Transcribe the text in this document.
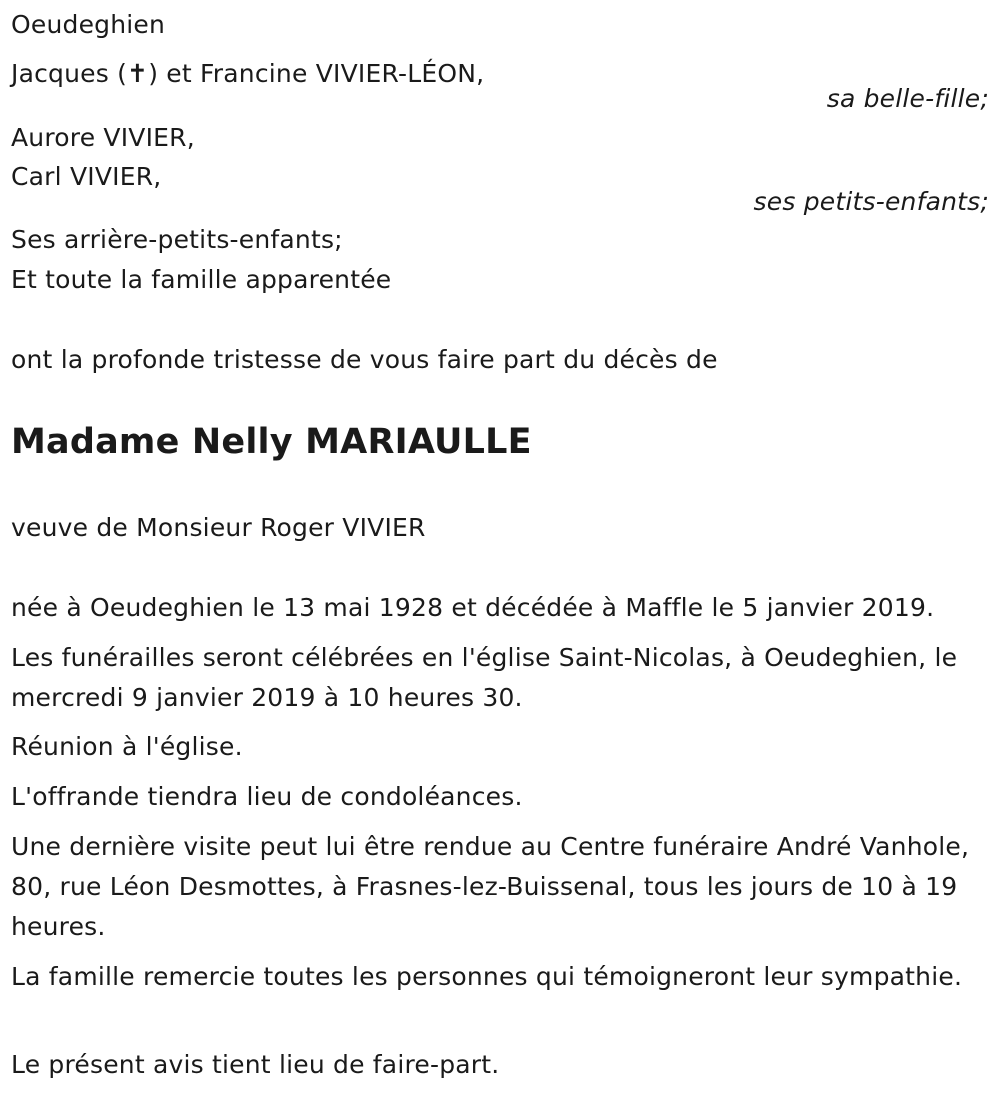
Oeudeghien

Jacques (✝) et Francine VIVIER-LÉON,

sa belle-fille;

Aurore VIVIER,

Carl VIVIER,

ses petits-enfants;

Ses arrière-petits-enfants;

Et toute la famille apparentée

ont la profonde tristesse de vous faire part du décès de

Madame Nelly MARIAULLE

veuve de Monsieur Roger VIVIER

née à Oeudeghien le 13 mai 1928 et décédée à Maffle le 5 janvier 2019.

Les funérailles seront célébrées en l'église Saint-Nicolas, à Oeudeghien, le mercredi 9 janvier 2019 à 10 heures 30.

Réunion à l'église.

L'offrande tiendra lieu de condoléances.

Une dernière visite peut lui être rendue au Centre funéraire André Vanhole, 80, rue Léon Desmottes, à Frasnes-lez-Buissenal, tous les jours de 10 à 19 heures.

La famille remercie toutes les personnes qui témoigneront leur sympathie.

Le présent avis tient lieu de faire-part.
